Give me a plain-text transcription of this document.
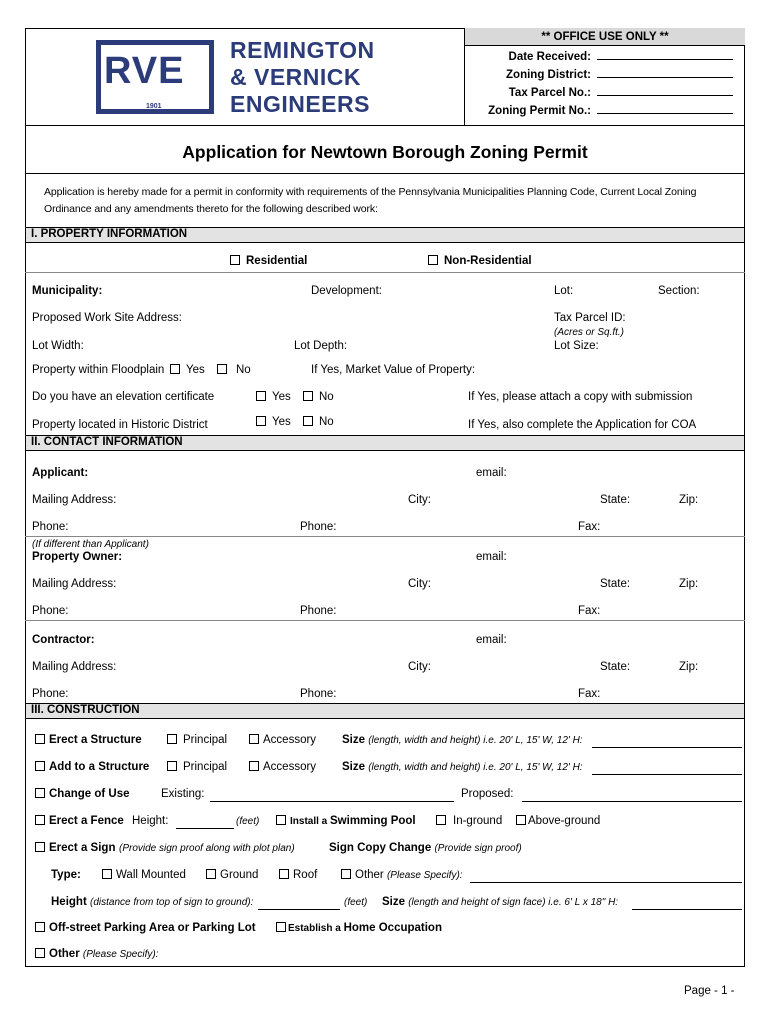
RVE
1901
REMINGTON
& VERNICK
ENGINEERS
** OFFICE USE ONLY **
Date Received:
Zoning District:
Tax Parcel No.:
Zoning Permit No.:
Application for Newtown Borough Zoning Permit
Application is hereby made for a permit in conformity with requirements of the Pennsylvania Municipalities Planning Code, Current Local Zoning Ordinance and any amendments thereto for the following described work:
I. PROPERTY INFORMATION
Residential	Non-Residential
Municipality:	Development:	Lot:	Section:
Proposed Work Site Address:	Tax Parcel ID:
(Acres or Sq.ft.)
Lot Width:	Lot Depth:	Lot Size:
Property within Floodplain	Yes	No	If Yes, Market Value of Property:
Do you have an elevation certificate	Yes	No	If Yes, please attach a copy with submission
Property located in Historic District	Yes	No	If Yes, also complete the Application for COA
II. CONTACT INFORMATION
Applicant:	email:
Mailing Address:	City:	State:	Zip:
Phone:	Phone:	Fax:
(If different than Applicant)
Property Owner:	email:
Mailing Address:	City:	State:	Zip:
Phone:	Phone:	Fax:
Contractor:	email:
Mailing Address:	City:	State:	Zip:
Phone:	Phone:	Fax:
III. CONSTRUCTION
Erect a Structure	Principal	Accessory Size (length, width and height) i.e. 20' L, 15' W, 12' H:
Add to a Structure	Principal	Accessory Size (length, width and height) i.e. 20' L, 15' W, 12' H:
Change of Use	Existing:	Proposed:
Erect a Fence Height:	(feet)	Install a Swimming Pool	In-ground	Above-ground
Erect a Sign (Provide sign proof along with plot plan)	Sign Copy Change (Provide sign proof)
Type:	Wall Mounted	Ground	Roof	Other (Please Specify):
Height (distance from top of sign to ground):	(feet) Size (length and height of sign face) i.e. 6' L x 18" H:
Off-street Parking Area or Parking Lot	Establish a Home Occupation
Other (Please Specify):
Page - 1 -
